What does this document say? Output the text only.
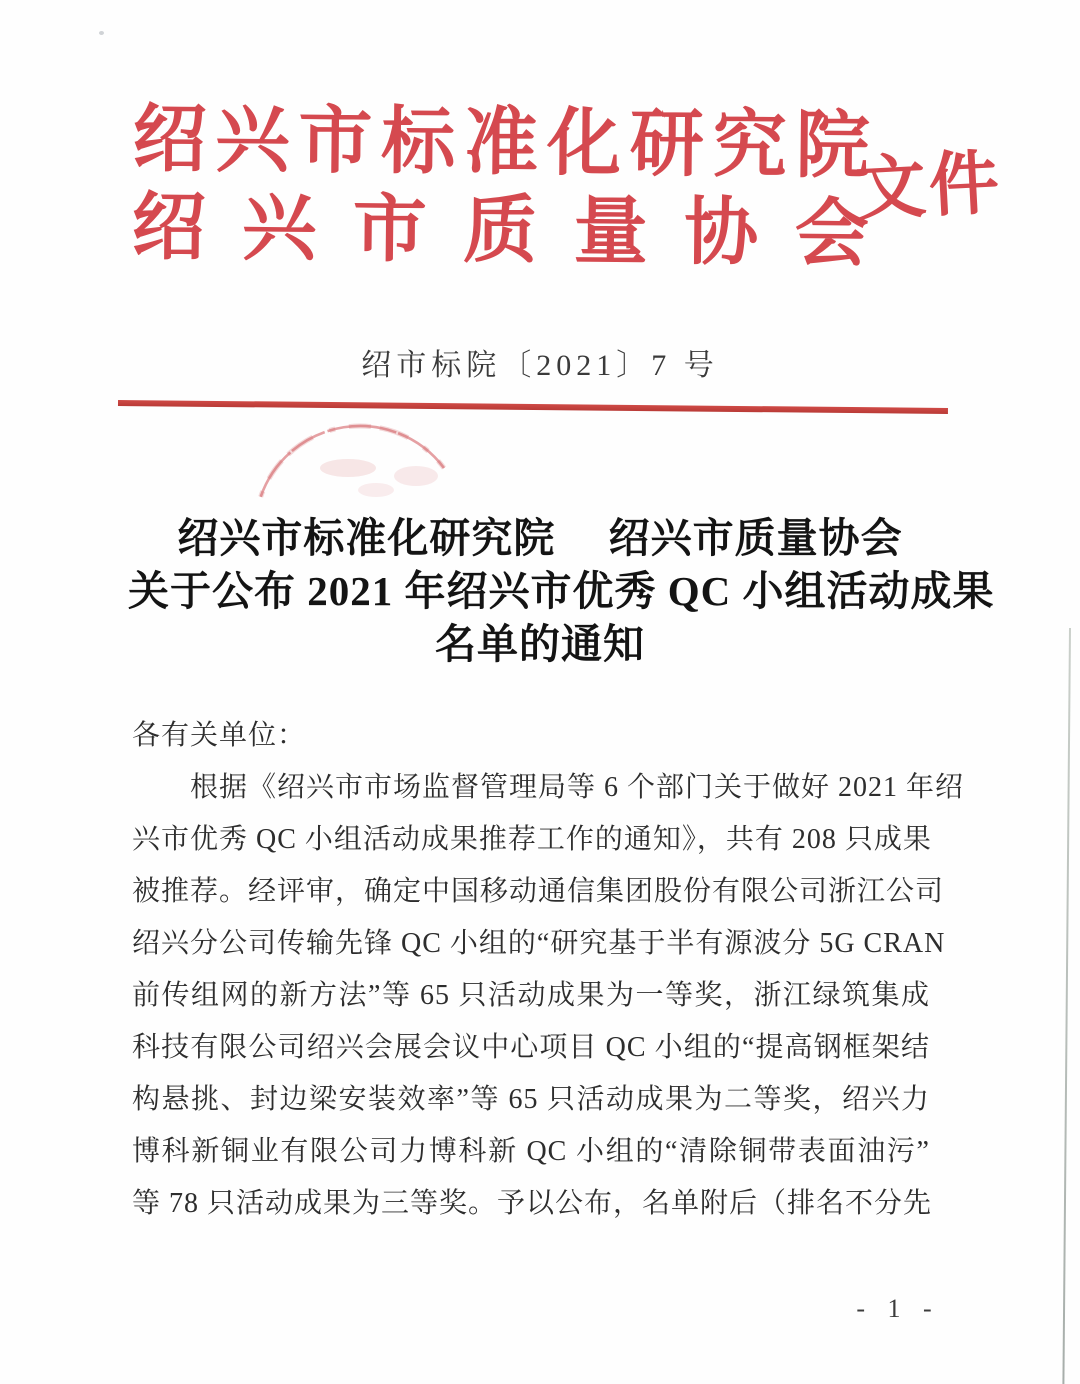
绍 兴 市 标 准 化 研 究 院
绍 兴 市 质 量 协 会
文件
绍市标院〔2021〕7 号
绍兴市标准化研究院　 绍兴市质量协会
关于公布 2021 年绍兴市优秀 QC 小组活动成果
名单的通知
各有关单位：
根据《绍兴市市场监督管理局等 6 个部门关于做好 2021 年绍
兴市优秀 QC 小组活动成果推荐工作的通知》，共有 208 只成果
被推荐。经评审，确定中国移动通信集团股份有限公司浙江公司
绍兴分公司传输先锋 QC 小组的“研究基于半有源波分 5G CRAN
前传组网的新方法”等 65 只活动成果为一等奖，浙江绿筑集成
科技有限公司绍兴会展会议中心项目 QC 小组的“提高钢框架结
构悬挑、封边梁安装效率”等 65 只活动成果为二等奖，绍兴力
博科新铜业有限公司力博科新 QC 小组的“清除铜带表面油污”
等 78 只活动成果为三等奖。予以公布，名单附后（排名不分先
- 1 -
